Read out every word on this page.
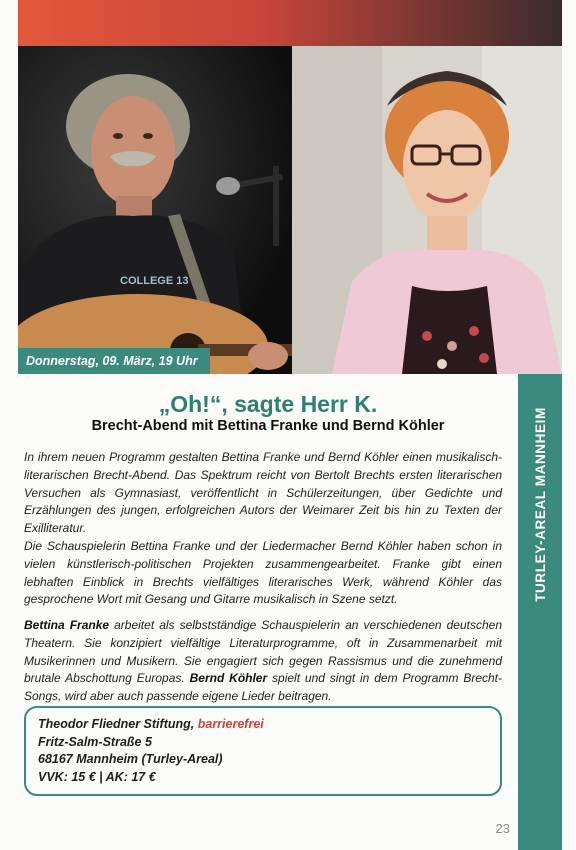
COLLEGE 13
Donnerstag, 09. März, 19 Uhr
TURLEY-AREAL MANNHEIM
„Oh!“, sagte Herr K.
Brecht-Abend mit Bettina Franke und Bernd Köhler

In ihrem neuen Programm gestalten Bettina Franke und Bernd Köhler einen musikalisch-literarischen Brecht-Abend. Das Spektrum reicht von Bertolt Brechts ersten literarischen Versuchen als Gymnasiast, veröffentlicht in Schülerzeitungen, über Gedichte und Erzählungen des jungen, erfolgreichen Autors der Weimarer Zeit bis hin zu Texten der Exilliteratur.

Die Schauspielerin Bettina Franke und der Liedermacher Bernd Köhler haben schon in vielen künstlerisch-politischen Projekten zusammengearbeitet. Franke gibt einen lebhaften Einblick in Brechts vielfältiges literarisches Werk, während Köhler das gesprochene Wort mit Gesang und Gitarre musikalisch in Szene setzt.

Bettina Franke arbeitet als selbstständige Schauspielerin an verschiedenen deutschen Theatern. Sie konzipiert vielfältige Literaturprogramme, oft in Zusammenarbeit mit Musikerinnen und Musikern. Sie engagiert sich gegen Rassismus und die zunehmend brutale Abschottung Europas. Bernd Köhler spielt und singt in dem Programm Brecht-Songs, wird aber auch passende eigene Lieder beitragen.

Theodor Fliedner Stiftung, barrierefrei
Fritz-Salm-Straße 5
68167 Mannheim (Turley-Areal)
VVK: 15 € | AK: 17 €
23
